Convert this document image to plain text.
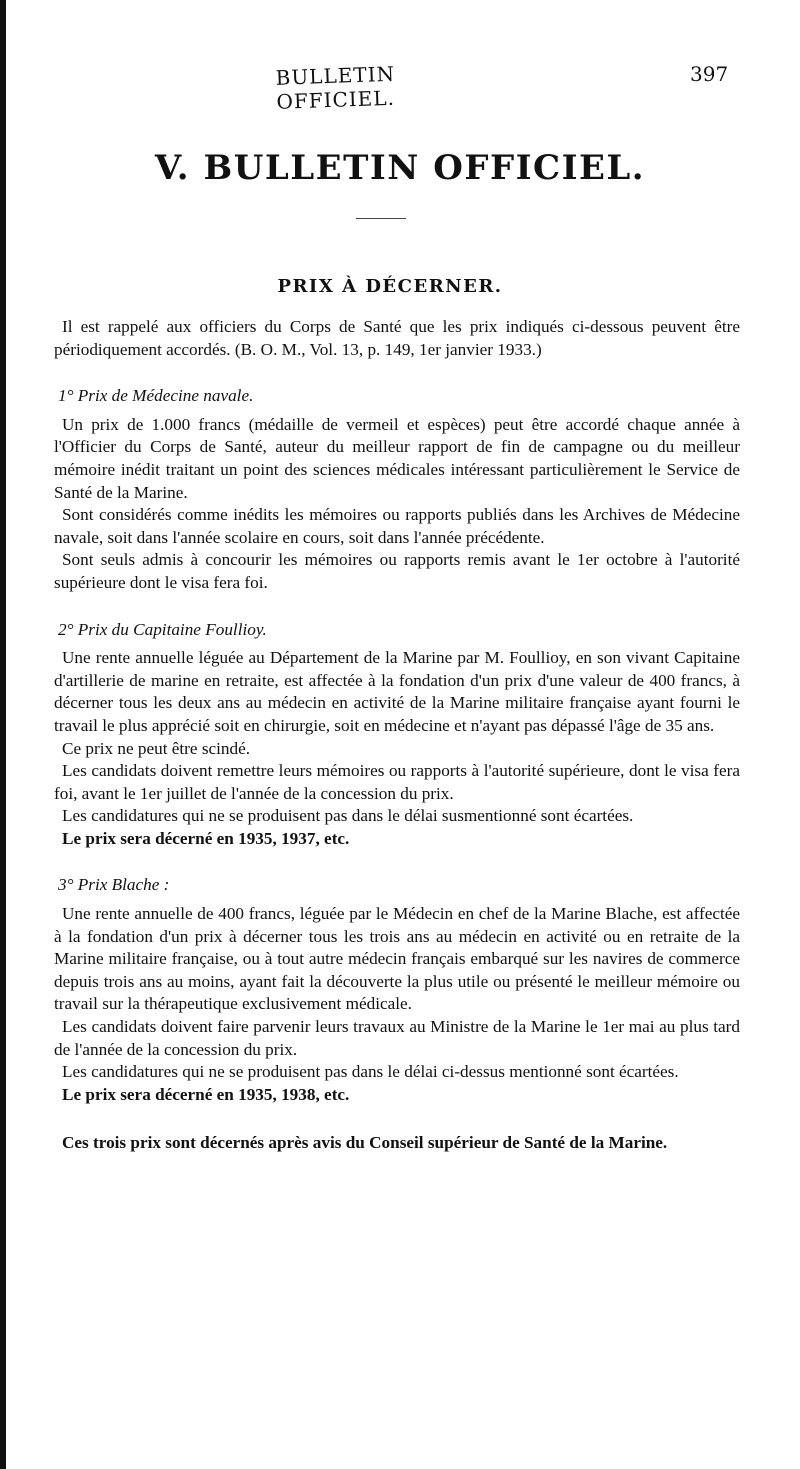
BULLETIN OFFICIEL.
397
V. BULLETIN OFFICIEL.
PRIX À DÉCERNER.

Il est rappelé aux officiers du Corps de Santé que les prix indiqués ci-dessous peuvent être périodiquement accordés. (B. O. M., Vol. 13, p. 149, 1er janvier 1933.)

1° Prix de Médecine navale.

Un prix de 1.000 francs (médaille de vermeil et espèces) peut être accordé chaque année à l'Officier du Corps de Santé, auteur du meilleur rapport de fin de campagne ou du meilleur mémoire inédit traitant un point des sciences médicales intéressant particulièrement le Service de Santé de la Marine.

Sont considérés comme inédits les mémoires ou rapports publiés dans les Archives de Médecine navale, soit dans l'année scolaire en cours, soit dans l'année précédente.

Sont seuls admis à concourir les mémoires ou rapports remis avant le 1er octobre à l'autorité supérieure dont le visa fera foi.

2° Prix du Capitaine Foullioy.

Une rente annuelle léguée au Département de la Marine par M. Foullioy, en son vivant Capitaine d'artillerie de marine en retraite, est affectée à la fondation d'un prix d'une valeur de 400 francs, à décerner tous les deux ans au médecin en activité de la Marine militaire française ayant fourni le travail le plus apprécié soit en chirurgie, soit en médecine et n'ayant pas dépassé l'âge de 35 ans.

Ce prix ne peut être scindé.

Les candidats doivent remettre leurs mémoires ou rapports à l'autorité supérieure, dont le visa fera foi, avant le 1er juillet de l'année de la concession du prix.

Les candidatures qui ne se produisent pas dans le délai susmentionné sont écartées.

Le prix sera décerné en 1935, 1937, etc.

3° Prix Blache :

Une rente annuelle de 400 francs, léguée par le Médecin en chef de la Marine Blache, est affectée à la fondation d'un prix à décerner tous les trois ans au médecin en activité ou en retraite de la Marine militaire française, ou à tout autre médecin français embarqué sur les navires de commerce depuis trois ans au moins, ayant fait la découverte la plus utile ou présenté le meilleur mémoire ou travail sur la thérapeutique exclusivement médicale.

Les candidats doivent faire parvenir leurs travaux au Ministre de la Marine le 1er mai au plus tard de l'année de la concession du prix.

Les candidatures qui ne se produisent pas dans le délai ci-dessus mentionné sont écartées.

Le prix sera décerné en 1935, 1938, etc.

Ces trois prix sont décernés après avis du Conseil supérieur de Santé de la Marine.
